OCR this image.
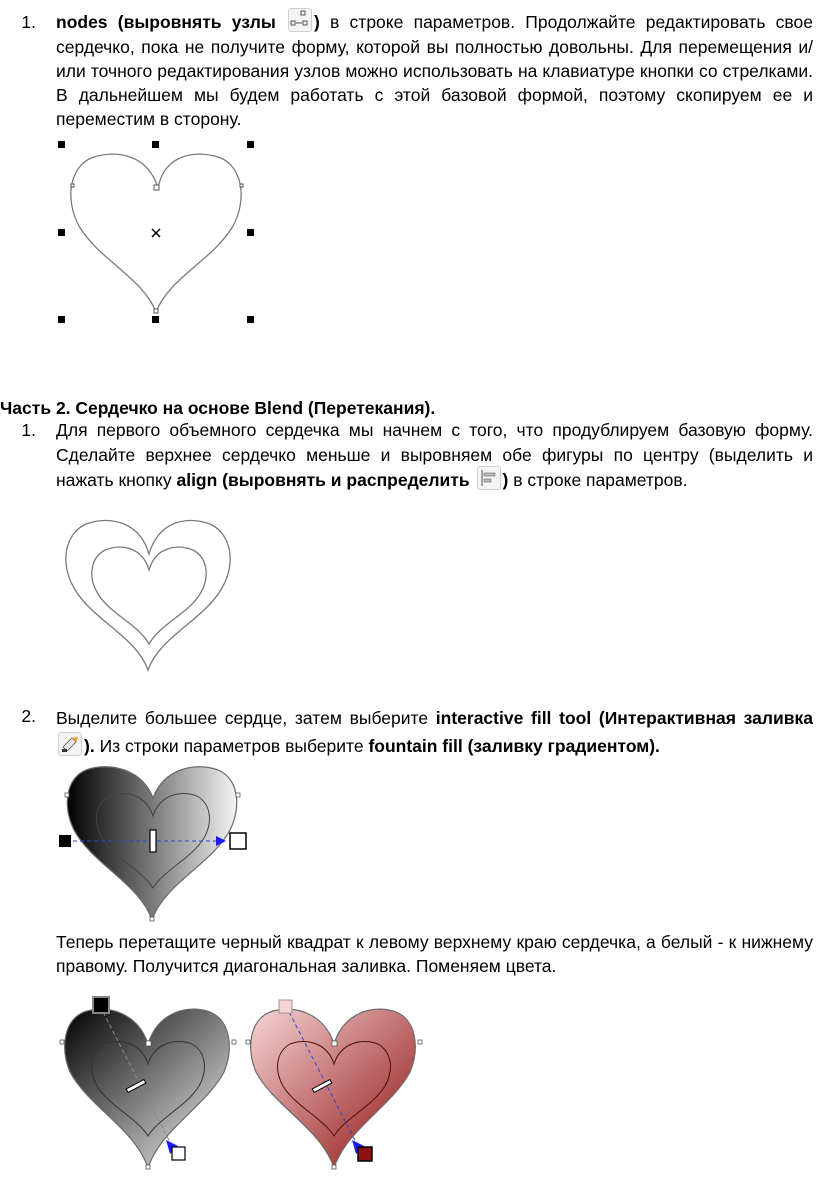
1. nodes (выровнять узлы ) в строке параметров. Продолжайте редактировать свое сердечко, пока не получите форму, которой вы полностью довольны. Для перемещения и/или точного редактирования узлов можно использовать на клавиатуре кнопки со стрелками. В дальнейшем мы будем работать с этой базовой формой, поэтому скопируем ее и переместим в сторону.
Часть 2. Сердечко на основе Blend (Перетекания).
1. Для первого объемного сердечка мы начнем с того, что продублируем базовую форму. Сделайте верхнее сердечко меньше и выровняем обе фигуры по центру (выделить и нажать кнопку align (выровнять и распределить ) в строке параметров.
2. Выделите большее сердце, затем выберите interactive fill tool (Интерактивная заливка
). Из строки параметров выберите fountain fill (заливку градиентом).
Теперь перетащите черный квадрат к левому верхнему краю сердечка, а белый - к нижнему правому. Получится диагональная заливка. Поменяем цвета.
